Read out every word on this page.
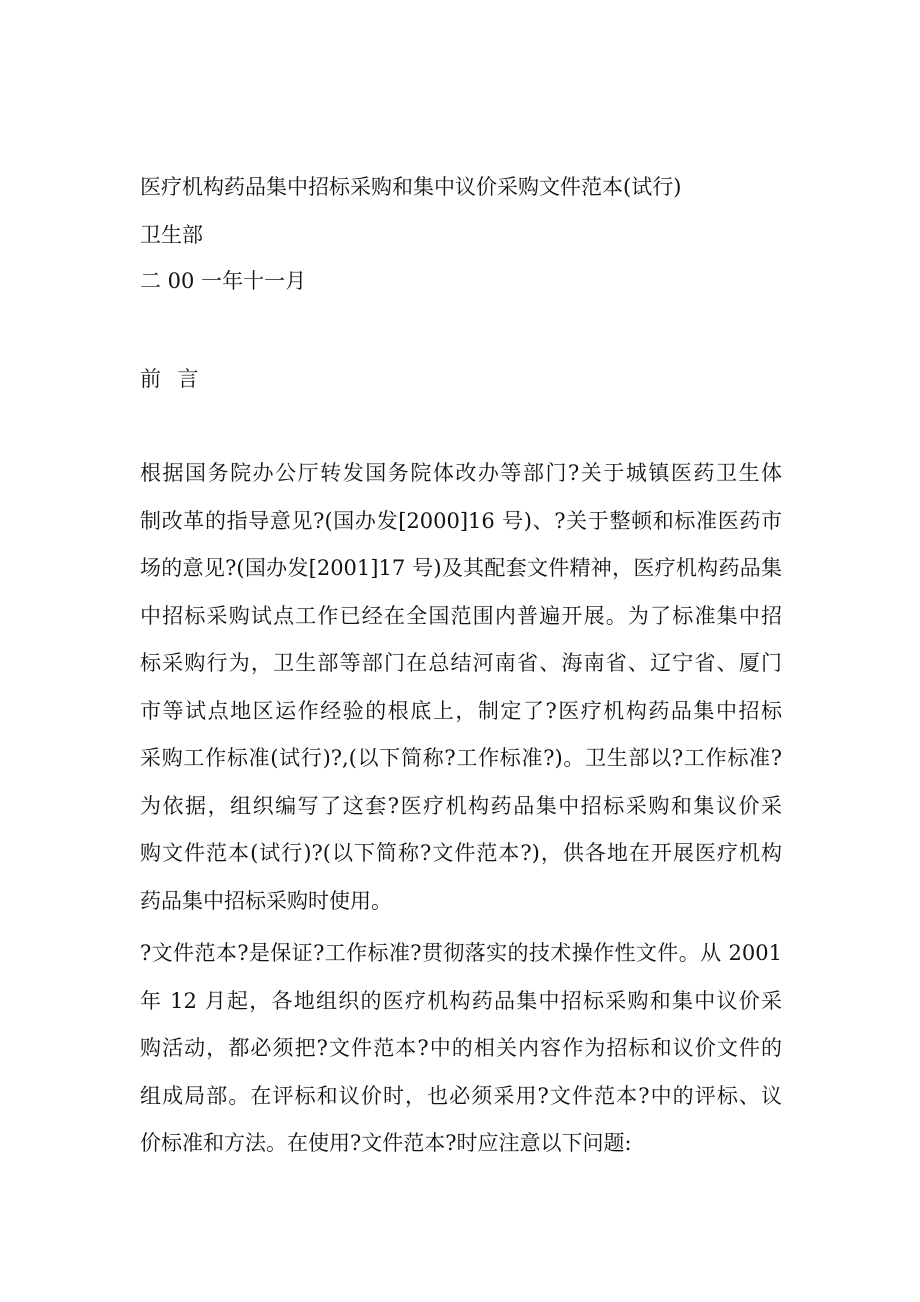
医疗机构药品集中招标采购和集中议价采购文件范本(试行)
卫生部
二 00 一年十一月
前  言
根据国务院办公厅转发国务院体改办等部门?关于城镇医药卫生体
制改革的指导意见?(国办发[2000]16 号)、?关于整顿和标准医药市
场的意见?(国办发[2001]17 号)及其配套文件精神，医疗机构药品集
中招标采购试点工作已经在全国范围内普遍开展。为了标准集中招
标采购行为，卫生部等部门在总结河南省、海南省、辽宁省、厦门
市等试点地区运作经验的根底上，制定了?医疗机构药品集中招标
采购工作标准(试行)?,(以下简称?工作标准?)。卫生部以?工作标准?
为依据，组织编写了这套?医疗机构药品集中招标采购和集议价采
购文件范本(试行)?(以下简称?文件范本?)，供各地在开展医疗机构
药品集中招标采购时使用。
?文件范本?是保证?工作标准?贯彻落实的技术操作性文件。从 2001
年 12 月起，各地组织的医疗机构药品集中招标采购和集中议价采
购活动，都必须把?文件范本?中的相关内容作为招标和议价文件的
组成局部。在评标和议价时，也必须采用?文件范本?中的评标、议
价标准和方法。在使用?文件范本?时应注意以下问题:
